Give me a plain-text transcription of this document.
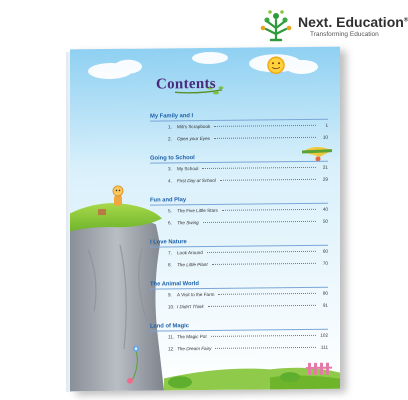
Next. Education®
Transforming Education
Contents
My Family and I
1.	Mili's Scrapbook	1
2.	Open your Eyes	10
Going to School
3.	My School	21
4.	First Day at School	29
Fun and Play
5.	The Five Little Stars	40
6.	The Swing	50
I Love Nature
7.	Look Around	60
8.	The Little Plant	70
The Animal World
9.	A Visit to the Farm	80
10. I Didn't Think	91
Land of Magic
11. The Magic Pot	102
12. The Dream Fairy	111
